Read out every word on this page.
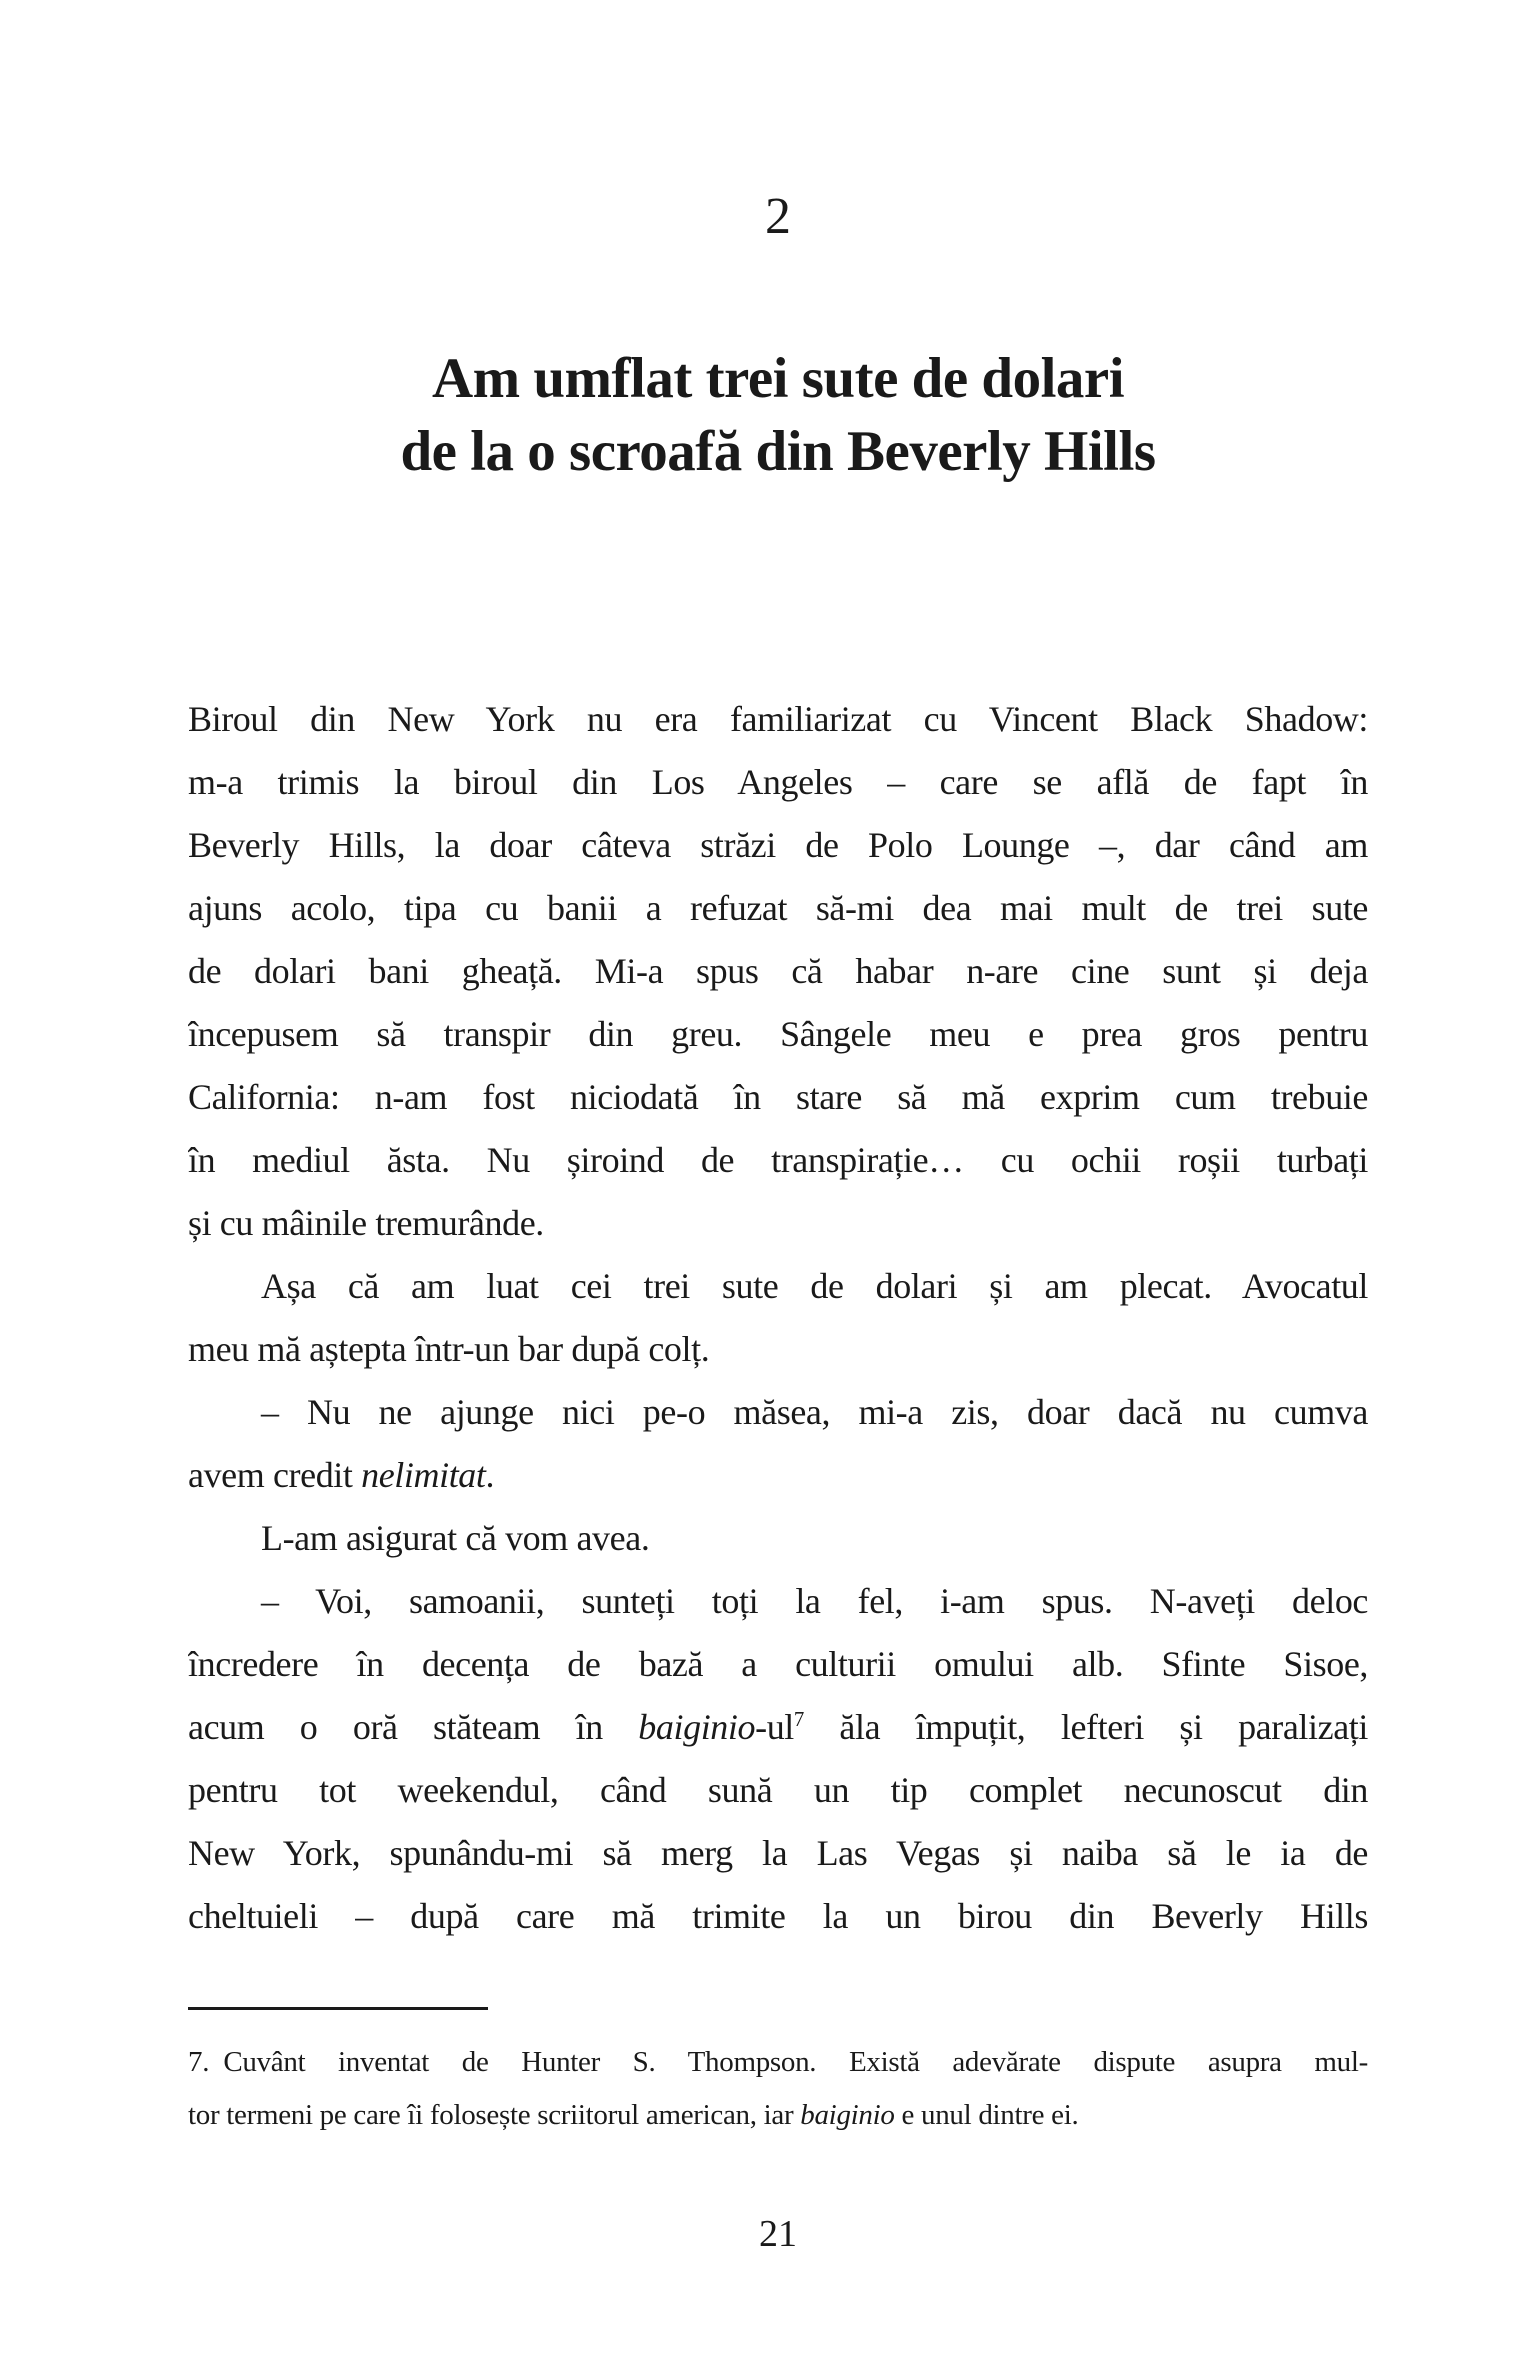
2
Am umflat trei sute de dolari
de la o scroafă din Beverly Hills
Biroul din New York nu era familiarizat cu Vincent Black Shadow:
m-a trimis la biroul din Los Angeles – care se află de fapt în
Beverly Hills, la doar câteva străzi de Polo Lounge –, dar când am
ajuns acolo, tipa cu banii a refuzat să-mi dea mai mult de trei sute
de dolari bani gheață. Mi-a spus că habar n-are cine sunt și deja
începusem să transpir din greu. Sângele meu e prea gros pentru
California: n-am fost niciodată în stare să mă exprim cum trebuie
în mediul ăsta. Nu șiroind de transpirație… cu ochii roșii turbați
și cu mâinile tremurânde.
Așa că am luat cei trei sute de dolari și am plecat. Avocatul
meu mă aștepta într-un bar după colț.
– Nu ne ajunge nici pe-o măsea, mi-a zis, doar dacă nu cumva
avem credit nelimitat.
L-am asigurat că vom avea.
– Voi, samoanii, sunteți toți la fel, i-am spus. N-aveți deloc
încredere în decența de bază a culturii omului alb. Sfinte Sisoe,
acum o oră stăteam în baiginio-ul$^7$ ăla împuțit, lefteri și paralizați
pentru tot weekendul, când sună un tip complet necunoscut din
New York, spunându-mi să merg la Las Vegas și naiba să le ia de
cheltuieli – după care mă trimite la un birou din Beverly Hills
7. Cuvânt inventat de Hunter S. Thompson. Există adevărate dispute asupra mul-
tor termeni pe care îi folosește scriitorul american, iar baiginio e unul dintre ei.
21
